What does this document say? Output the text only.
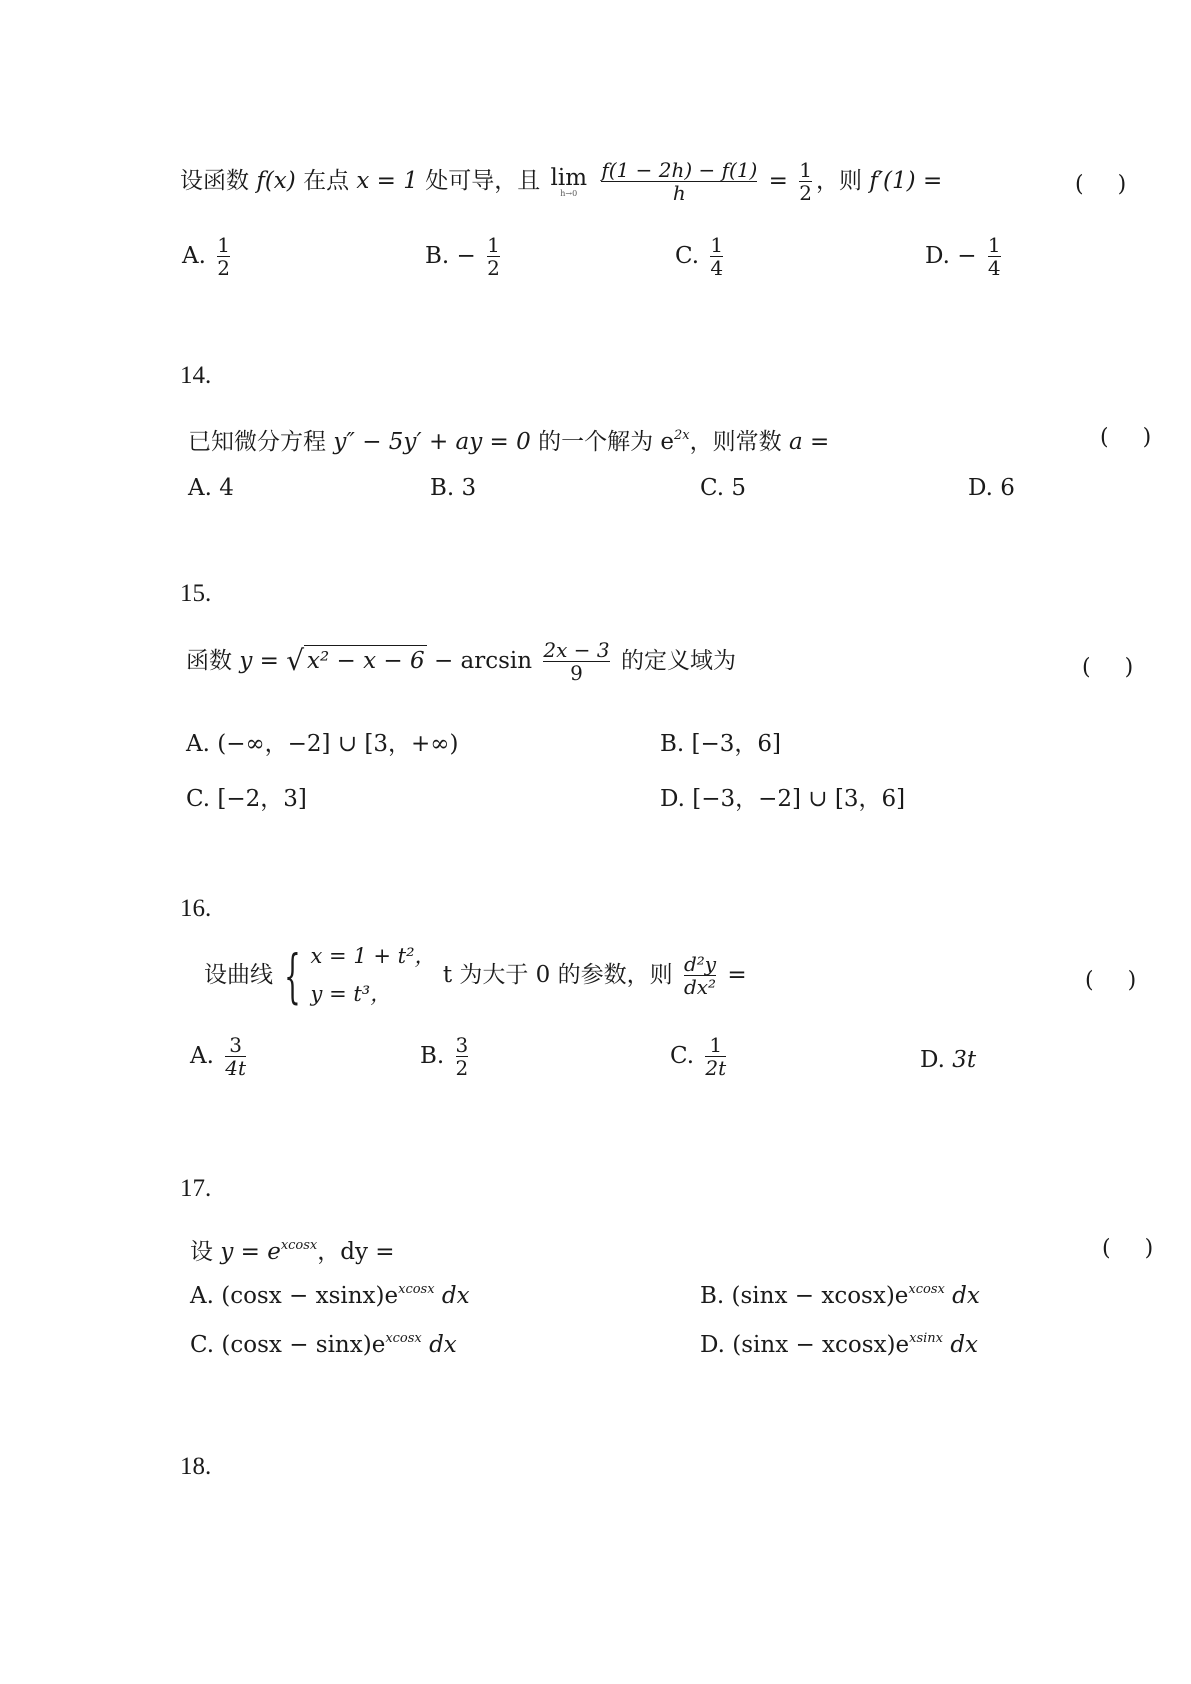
设函数 f(x) 在点 x = 1 处可导，且 lim
h→0
	$\frac{f(1 - 2h) - f(1)}{h} = \frac{1}{2}$ ，则 f′(1) =	()
A. $\frac{1}{2}$	B. − $\frac{1}{2}$	C. $\frac{1}{4}$	D. − $\frac{1}{4}$
14.
已知微分方程 y″ − 5y′ + ay = 0 的一个解为 $e^{2x}$，则常数 a =	()
A. 4	B. 3	C. 5	D. 6
15.
函数 y = √ $x^2 - x - 6 - \arcsin \frac{2x - 3}{9}$ 的定义域为	()
A. (−∞，−2] ∪ [3，+∞)	B. [−3，6]
C. [−2，3]	D. [−3，−2] ∪ [3，6]
16.
设曲线 { x = 1 + t²，
y = t³，
t 为大于 0 的参数，则 $\frac{\text{d²y}}{\text{dx²}}$ =	()
A. $\frac{3}{4t}$	B. $\frac{3}{2}$	C. $\frac{1}{2t}$	D. 3t
17.
设 $y = e^{xcosx}$，dy =	()
A. $(\cos x - xsinx)e^{xcosx}$ dx	B. $(\sin x - xcosx)e^{xcosx}$ dx
C. $(\cos x - \sin x)e^{xcosx}$ dx	D. $(\sin x - xcosx)e^{xsinx}$ dx
18.
